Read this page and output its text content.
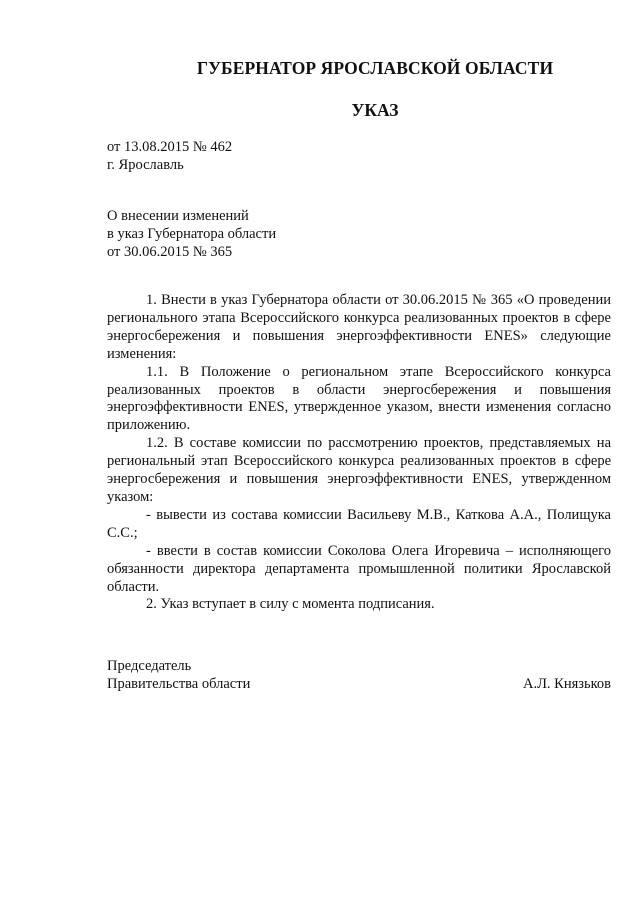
ГУБЕРНАТОР ЯРОСЛАВСКОЙ ОБЛАСТИ
УКАЗ
от 13.08.2015 № 462
г. Ярославль
О внесении изменений
в указ Губернатора области
от 30.06.2015 № 365

1. Внести в указ Губернатора области от 30.06.2015 № 365 «О проведении регионального этапа Всероссийского конкурса реализованных проектов в сфере энергосбережения и повышения энергоэффективности ENES» следующие изменения:

1.1. В Положение о региональном этапе Всероссийского конкурса реализованных проектов в области энергосбережения и повышения энергоэффективности ENES, утвержденное указом, внести изменения согласно приложению.

1.2. В составе комиссии по рассмотрению проектов, представляемых на региональный этап Всероссийского конкурса реализованных проектов в сфере энергосбережения и повышения энергоэффективности ENES, утвержденном указом:

- вывести из состава комиссии Васильеву М.В., Каткова А.А., Полищука С.С.;

- ввести в состав комиссии Соколова Олега Игоревича – исполняющего обязанности директора департамента промышленной политики Ярославской области.

2. Указ вступает в силу с момента подписания.

Председатель
Правительства области	А.Л. Князьков
